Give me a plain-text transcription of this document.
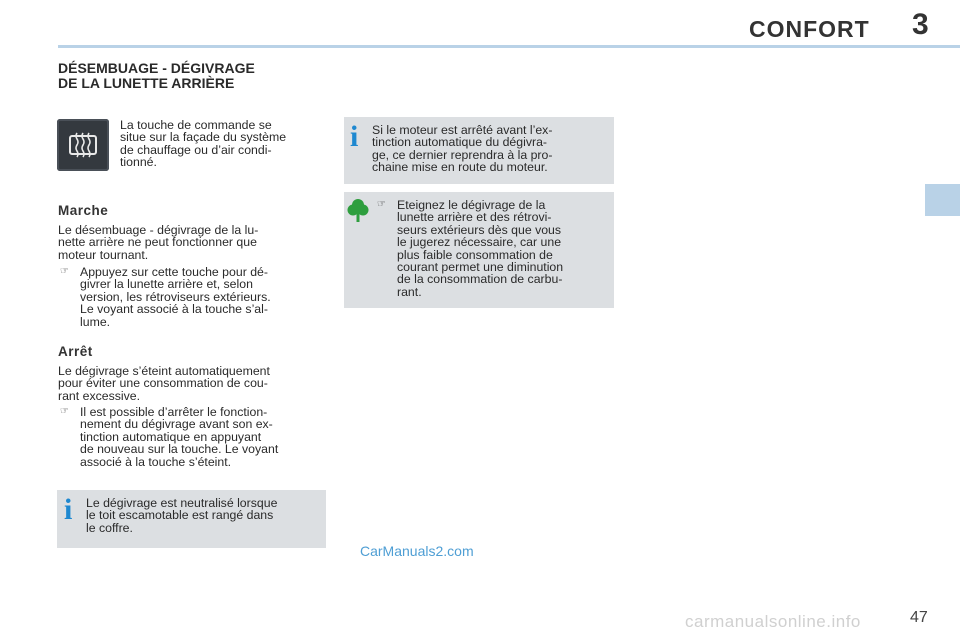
CONFORT 3
DÉSEMBUAGE - DÉGIVRAGE
DE LA LUNETTE ARRIÈRE
La touche de commande se
situe sur la façade du système
de chauffage ou d’air condi-
tionné.
Marche
Le désembuage - dégivrage de la lu-
nette arrière ne peut fonctionner que
moteur tournant.
☞ Appuyez sur cette touche pour dé-
givrer la lunette arrière et, selon
version, les rétroviseurs extérieurs.
Le voyant associé à la touche s’al-
lume.
Arrêt
Le dégivrage s’éteint automatiquement
pour éviter une consommation de cou-
rant excessive.
☞ Il est possible d’arrêter le fonction-
nement du dégivrage avant son ex-
tinction automatique en appuyant
de nouveau sur la touche. Le voyant
associé à la touche s’éteint.
i Le dégivrage est neutralisé lorsque
le toit escamotable est rangé dans
le coffre.
i Si le moteur est arrêté avant l’ex-
tinction automatique du dégivra-
ge, ce dernier reprendra à la pro-
chaine mise en route du moteur.
☞ Eteignez le dégivrage de la
lunette arrière et des rétrovi-
seurs extérieurs dès que vous
le jugerez nécessaire, car une
plus faible consommation de
courant permet une diminution
de la consommation de carbu-
rant.
CarManuals2.com
47
carmanualsonline.info
